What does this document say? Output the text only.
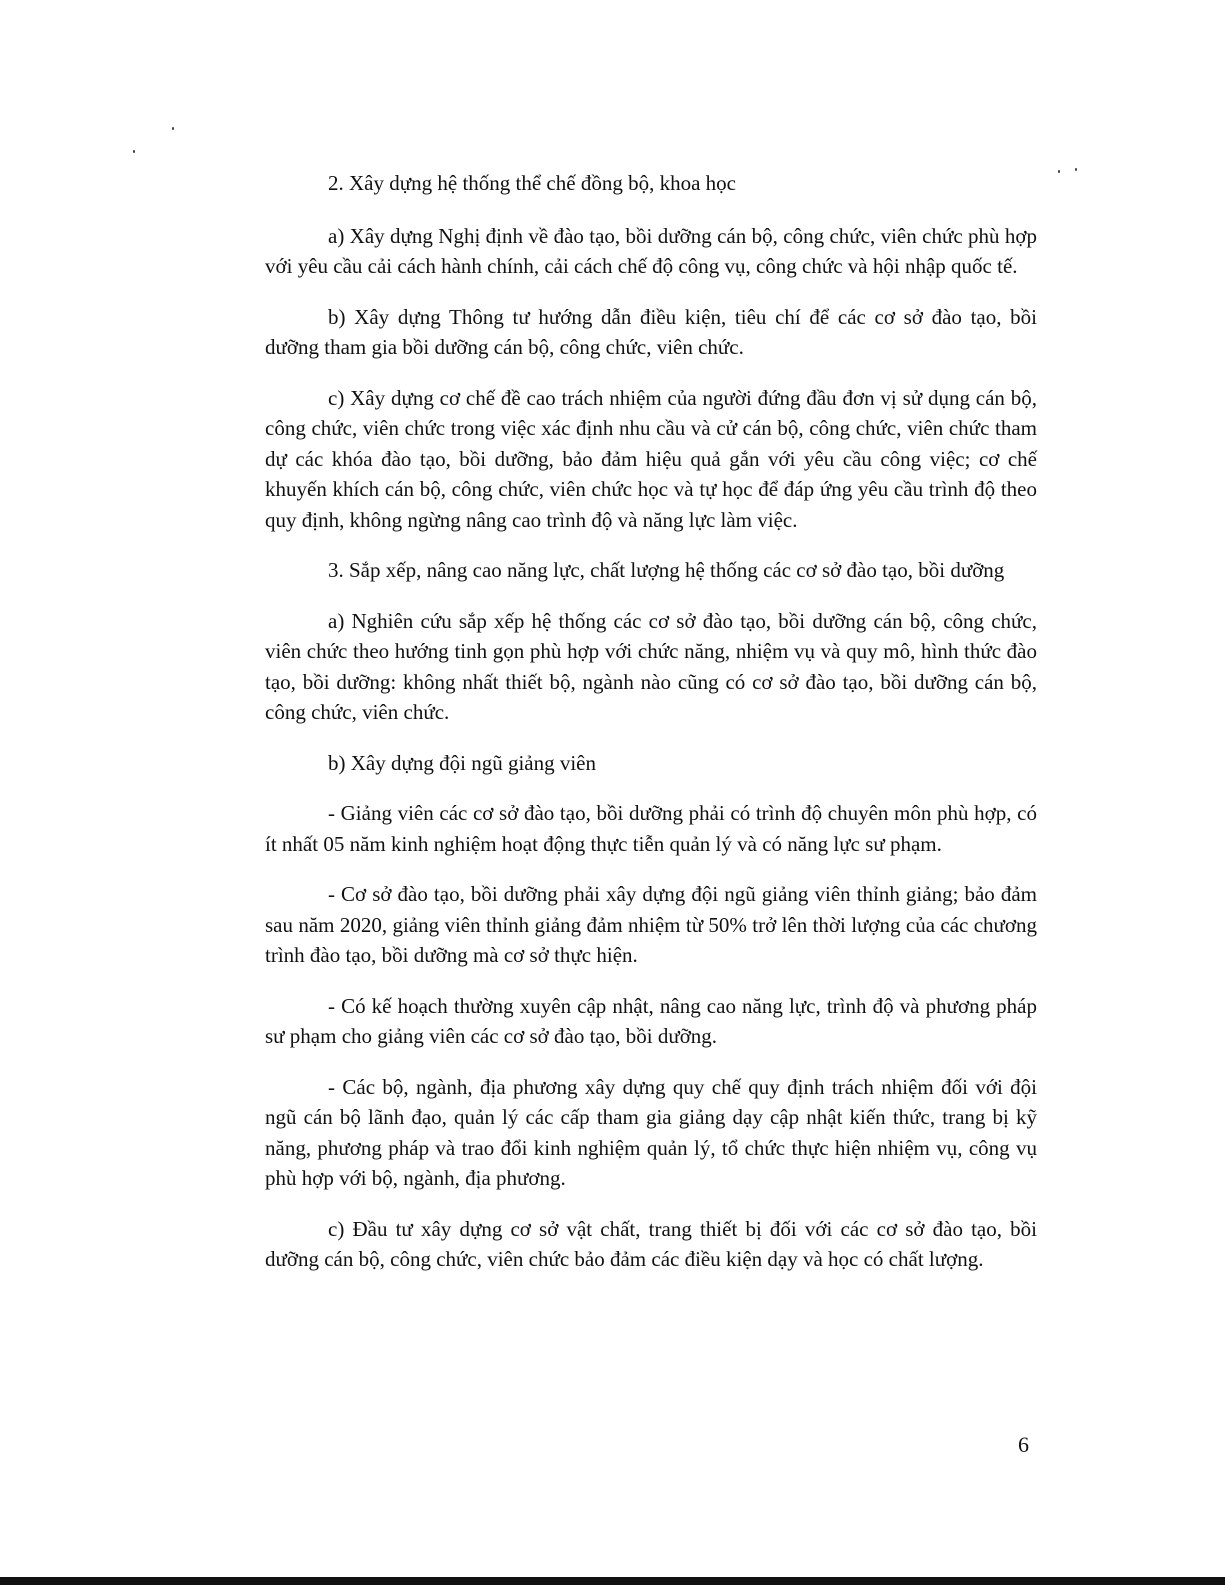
2. Xây dựng hệ thống thể chế đồng bộ, khoa học

a) Xây dựng Nghị định về đào tạo, bồi dưỡng cán bộ, công chức, viên chức phù hợp với yêu cầu cải cách hành chính, cải cách chế độ công vụ, công chức và hội nhập quốc tế.

b) Xây dựng Thông tư hướng dẫn điều kiện, tiêu chí để các cơ sở đào tạo, bồi dưỡng tham gia bồi dưỡng cán bộ, công chức, viên chức.

c) Xây dựng cơ chế đề cao trách nhiệm của người đứng đầu đơn vị sử dụng cán bộ, công chức, viên chức trong việc xác định nhu cầu và cử cán bộ, công chức, viên chức tham dự các khóa đào tạo, bồi dưỡng, bảo đảm hiệu quả gắn với yêu cầu công việc; cơ chế khuyến khích cán bộ, công chức, viên chức học và tự học để đáp ứng yêu cầu trình độ theo quy định, không ngừng nâng cao trình độ và năng lực làm việc.

3. Sắp xếp, nâng cao năng lực, chất lượng hệ thống các cơ sở đào tạo, bồi dưỡng

a) Nghiên cứu sắp xếp hệ thống các cơ sở đào tạo, bồi dưỡng cán bộ, công chức, viên chức theo hướng tinh gọn phù hợp với chức năng, nhiệm vụ và quy mô, hình thức đào tạo, bồi dưỡng: không nhất thiết bộ, ngành nào cũng có cơ sở đào tạo, bồi dưỡng cán bộ, công chức, viên chức.

b) Xây dựng đội ngũ giảng viên

- Giảng viên các cơ sở đào tạo, bồi dưỡng phải có trình độ chuyên môn phù hợp, có ít nhất 05 năm kinh nghiệm hoạt động thực tiễn quản lý và có năng lực sư phạm.

- Cơ sở đào tạo, bồi dưỡng phải xây dựng đội ngũ giảng viên thỉnh giảng; bảo đảm sau năm 2020, giảng viên thỉnh giảng đảm nhiệm từ 50% trở lên thời lượng của các chương trình đào tạo, bồi dưỡng mà cơ sở thực hiện.

- Có kế hoạch thường xuyên cập nhật, nâng cao năng lực, trình độ và phương pháp sư phạm cho giảng viên các cơ sở đào tạo, bồi dưỡng.

- Các bộ, ngành, địa phương xây dựng quy chế quy định trách nhiệm đối với đội ngũ cán bộ lãnh đạo, quản lý các cấp tham gia giảng dạy cập nhật kiến thức, trang bị kỹ năng, phương pháp và trao đổi kinh nghiệm quản lý, tổ chức thực hiện nhiệm vụ, công vụ phù hợp với bộ, ngành, địa phương.

c) Đầu tư xây dựng cơ sở vật chất, trang thiết bị đối với các cơ sở đào tạo, bồi dưỡng cán bộ, công chức, viên chức bảo đảm các điều kiện dạy và học có chất lượng.

6
